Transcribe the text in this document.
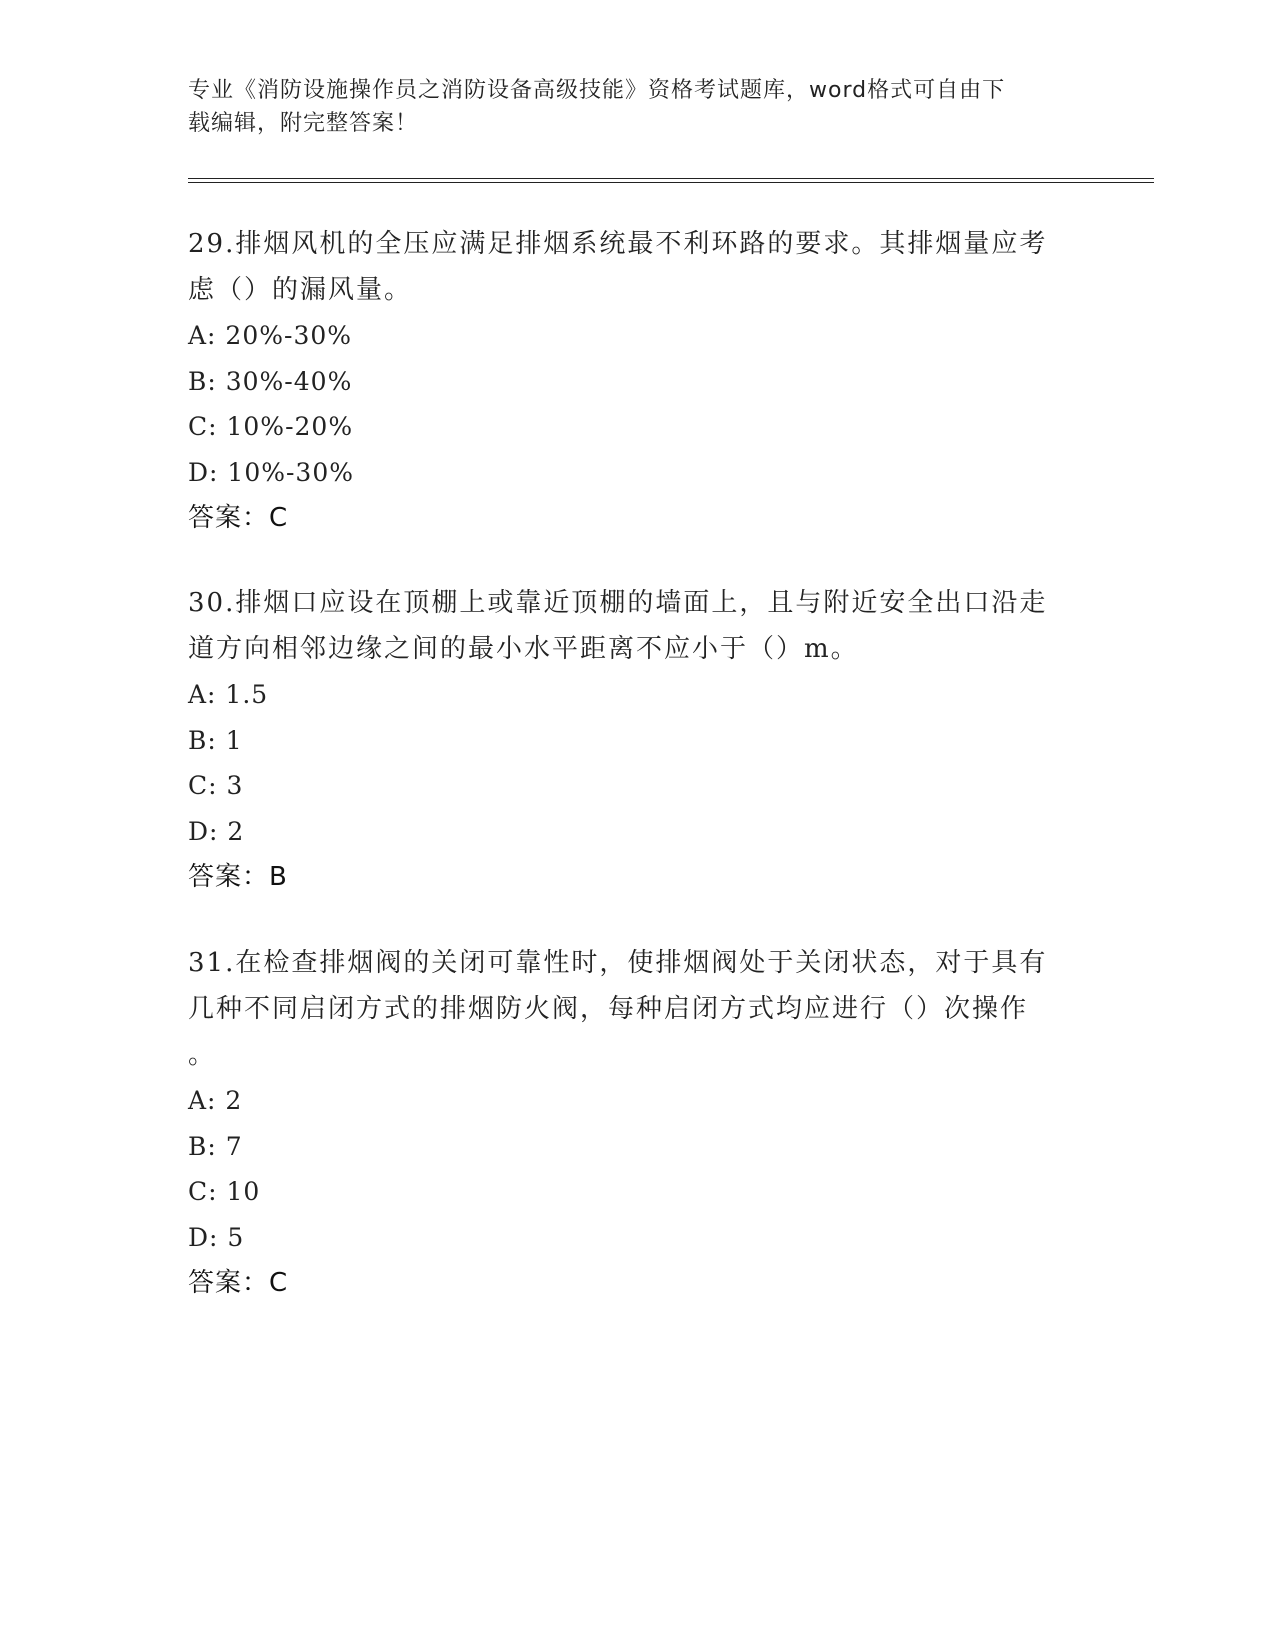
专业《消防设施操作员之消防设备高级技能》资格考试题库，word格式可自由下
载编辑，附完整答案！

29.排烟风机的全压应满足排烟系统最不利环路的要求。其排烟量应考
虑（）的漏风量。

A: 20%-30%
B: 30%-40%
C: 10%-20%
D: 10%-30%
答案：C

30.排烟口应设在顶棚上或靠近顶棚的墙面上，且与附近安全出口沿走
道方向相邻边缘之间的最小水平距离不应小于（）m。

A: 1.5
B: 1
C: 3
D: 2
答案：B

31.在检查排烟阀的关闭可靠性时，使排烟阀处于关闭状态，对于具有
几种不同启闭方式的排烟防火阀，每种启闭方式均应进行（）次操作
。

A: 2
B: 7
C: 10
D: 5
答案：C
